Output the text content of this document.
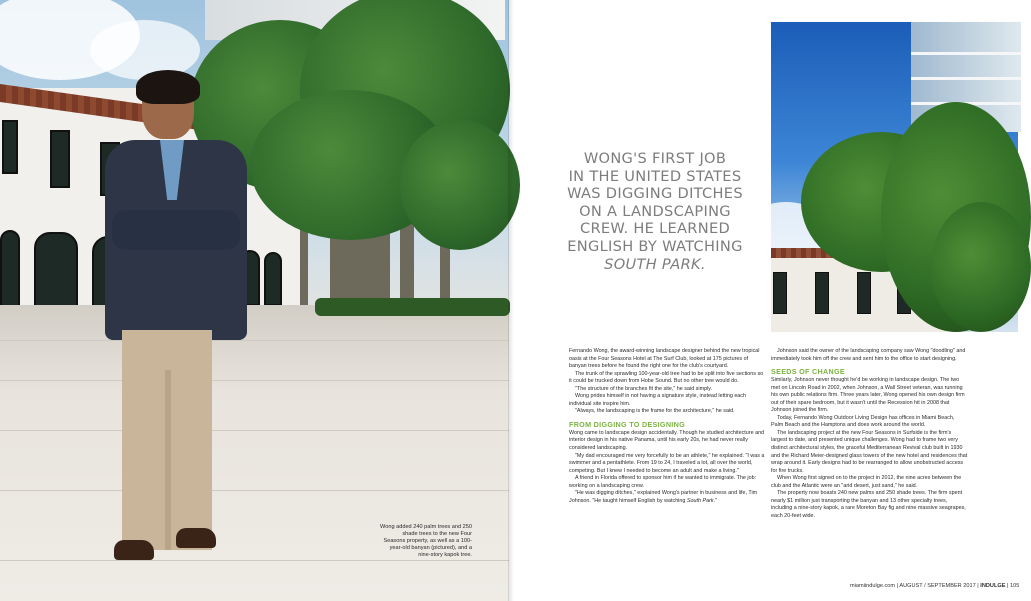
Wong added 240 palm trees and 250 shade trees to the new Four Seasons property, as well as a 100-year-old banyan (pictured), and a nine-story kapok tree.
WONG'S FIRST JOB
IN THE UNITED STATES
WAS DIGGING DITCHES
ON A LANDSCAPING
CREW. HE LEARNED
ENGLISH BY WATCHING
SOUTH PARK.

Fernando Wong, the award-winning landscape designer behind the new tropical oasis at the Four Seasons Hotel at The Surf Club, looked at 175 pictures of banyan trees before he found the right one for the club's courtyard.

The trunk of the sprawling 100-year-old tree had to be split into five sections so it could be trucked down from Hobe Sound. But no other tree would do.

"The structure of the branches fit the site," he said simply.

Wong prides himself in not having a signature style, instead letting each individual site inspire him.

"Always, the landscaping is the frame for the architecture," he said.

FROM DIGGING TO DESIGNING

Wong came to landscape design accidentally. Though he studied architecture and interior design in his native Panama, until his early 20s, he had never really considered landscaping.

"My dad encouraged me very forcefully to be an athlete," he explained. "I was a swimmer and a pentathlete. From 19 to 24, I traveled a lot, all over the world, competing. But I knew I needed to become an adult and make a living."

A friend in Florida offered to sponsor him if he wanted to immigrate. The job: working on a landscaping crew.

"He was digging ditches," explained Wong's partner in business and life, Tim Johnson. "He taught himself English by watching South Park."

Johnson said the owner of the landscaping company saw Wong "doodling" and immediately took him off the crew and sent him to the office to start designing.

SEEDS OF CHANGE

Similarly, Johnson never thought he'd be working in landscape design. The two met on Lincoln Road in 2002, when Johnson, a Wall Street veteran, was running his own public relations firm. Three years later, Wong opened his own design firm out of their spare bedroom, but it wasn't until the Recession hit in 2008 that Johnson joined the firm.

Today, Fernando Wong Outdoor Living Design has offices in Miami Beach, Palm Beach and the Hamptons and does work around the world.

The landscaping project at the new Four Seasons in Surfside is the firm's largest to date, and presented unique challenges. Wong had to frame two very distinct architectural styles, the graceful Mediterranean Revival club built in 1930 and the Richard Meier-designed glass towers of the new hotel and residences that wrap around it. Early designs had to be rearranged to allow unobstructed access for fire trucks.

When Wong first signed on to the project in 2012, the nine acres between the club and the Atlantic were an "arid desert, just sand," he said.

The property now boasts 240 new palms and 250 shade trees. The firm spent nearly $1 million just transporting the banyan and 13 other specialty trees, including a nine-story kapok, a rare Moreton Bay fig and nine massive seagrapes, each 20-feet wide.

miamiindulge.com | AUGUST / SEPTEMBER 2017 | INDULGE | 105
